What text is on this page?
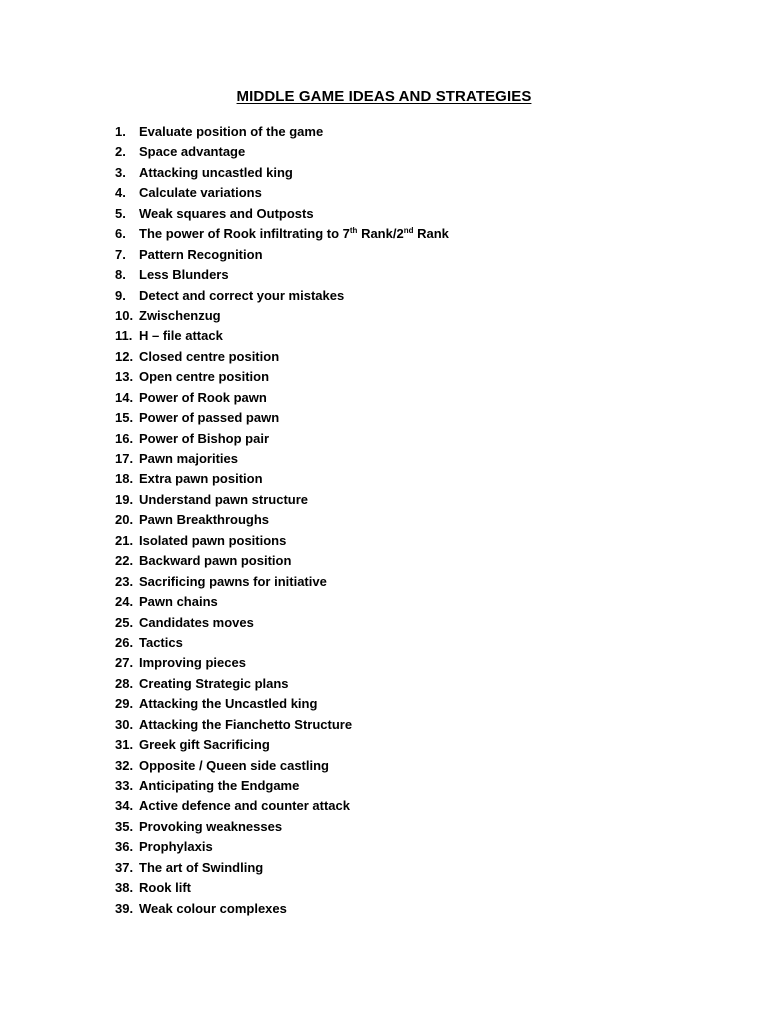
MIDDLE GAME IDEAS AND STRATEGIES
1.	Evaluate position of the game
2.	Space advantage
3.	Attacking uncastled king
4.	Calculate variations
5.	Weak squares and Outposts
6.	The power of Rook infiltrating to 7th Rank/2nd Rank
7.	Pattern Recognition
8.	Less Blunders
9.	Detect and correct your mistakes
10. Zwischenzug
11. H – file attack
12. Closed centre position
13. Open centre position
14. Power of Rook pawn
15. Power of passed pawn
16. Power of Bishop pair
17. Pawn majorities
18. Extra pawn position
19. Understand pawn structure
20. Pawn Breakthroughs
21. Isolated pawn positions
22. Backward pawn position
23. Sacrificing pawns for initiative
24. Pawn chains
25. Candidates moves
26. Tactics
27. Improving pieces
28. Creating Strategic plans
29. Attacking the Uncastled king
30. Attacking the Fianchetto Structure
31. Greek gift Sacrificing
32. Opposite / Queen side castling
33. Anticipating the Endgame
34. Active defence and counter attack
35. Provoking weaknesses
36. Prophylaxis
37. The art of Swindling
38. Rook lift
39. Weak colour complexes
